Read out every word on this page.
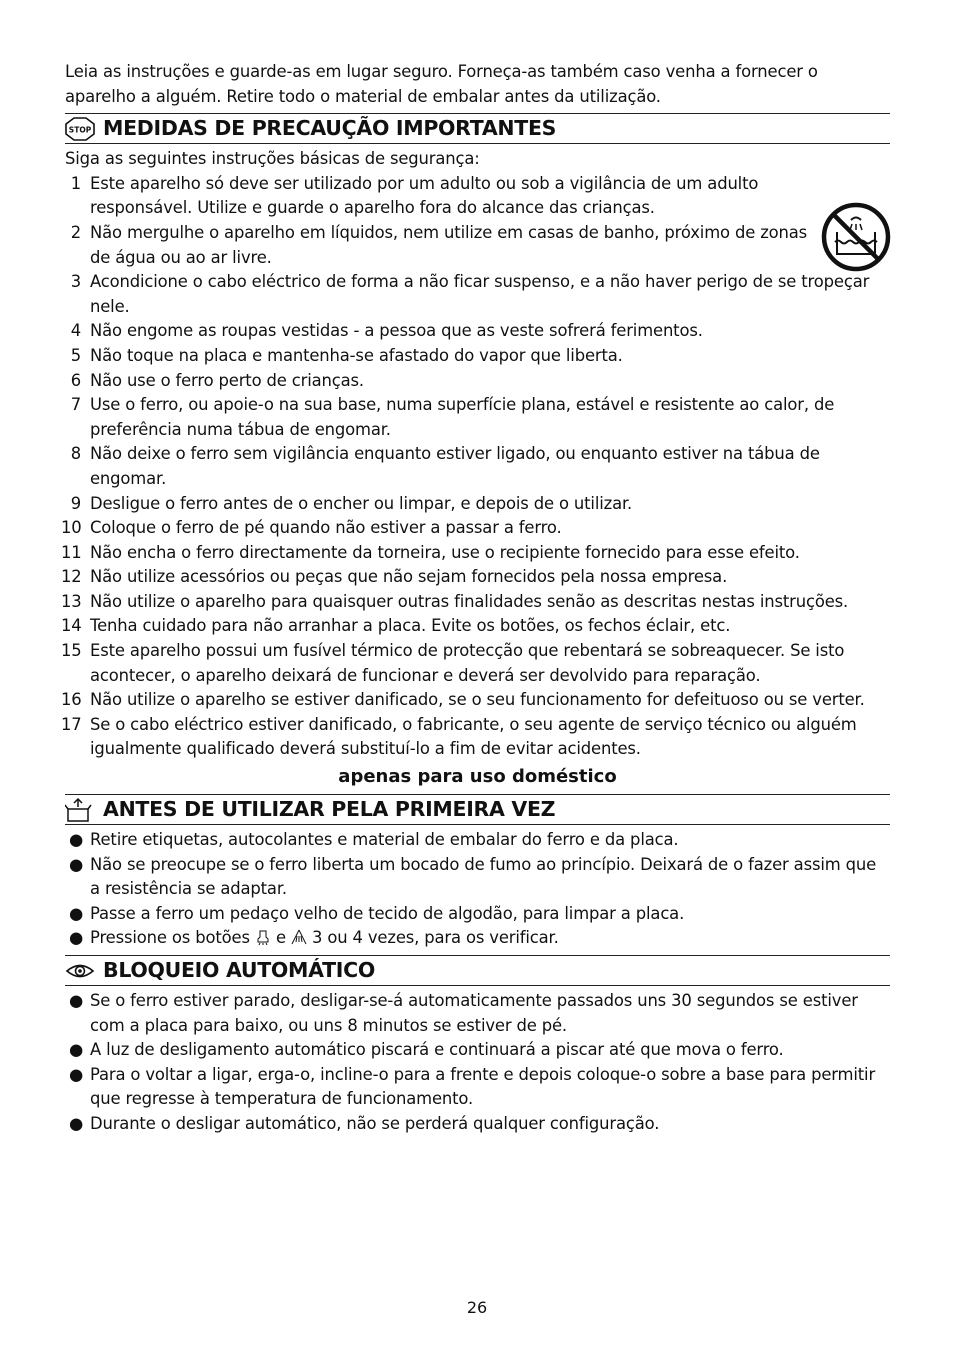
Leia as instruções e guarde-as em lugar seguro. Forneça-as também caso venha a fornecer o aparelho a alguém. Retire todo o material de embalar antes da utilização.

STOP MEDIDAS DE PRECAUÇÃO IMPORTANTES
Siga as seguintes instruções básicas de segurança:
1 Este aparelho só deve ser utilizado por um adulto ou sob a vigilância de um adulto responsável. Utilize e guarde o aparelho fora do alcance das crianças.
2 Não mergulhe o aparelho em líquidos, nem utilize em casas de banho, próximo de zonas de água ou ao ar livre.
3 Acondicione o cabo eléctrico de forma a não ficar suspenso, e a não haver perigo de se tropeçar nele.
4 Não engome as roupas vestidas - a pessoa que as veste sofrerá ferimentos.
5 Não toque na placa e mantenha-se afastado do vapor que liberta.
6 Não use o ferro perto de crianças.
7 Use o ferro, ou apoie-o na sua base, numa superfície plana, estável e resistente ao calor, de preferência numa tábua de engomar.
8 Não deixe o ferro sem vigilância enquanto estiver ligado, ou enquanto estiver na tábua de engomar.
9 Desligue o ferro antes de o encher ou limpar, e depois de o utilizar.
10 Coloque o ferro de pé quando não estiver a passar a ferro.
11 Não encha o ferro directamente da torneira, use o recipiente fornecido para esse efeito.
12 Não utilize acessórios ou peças que não sejam fornecidos pela nossa empresa.
13 Não utilize o aparelho para quaisquer outras finalidades senão as descritas nestas instruções.
14 Tenha cuidado para não arranhar a placa. Evite os botões, os fechos éclair, etc.
15 Este aparelho possui um fusível térmico de protecção que rebentará se sobreaquecer. Se isto acontecer, o aparelho deixará de funcionar e deverá ser devolvido para reparação.
16 Não utilize o aparelho se estiver danificado, se o seu funcionamento for defeituoso ou se verter.
17 Se o cabo eléctrico estiver danificado, o fabricante, o seu agente de serviço técnico ou alguém igualmente qualificado deverá substituí-lo a fim de evitar acidentes.
apenas para uso doméstico
ANTES DE UTILIZAR PELA PRIMEIRA VEZ
● Retire etiquetas, autocolantes e material de embalar do ferro e da placa.
● Não se preocupe se o ferro liberta um bocado de fumo ao princípio. Deixará de o fazer assim que a resistência se adaptar.
● Passe a ferro um pedaço velho de tecido de algodão, para limpar a placa.
● Pressione os botões e 3 ou 4 vezes, para os verificar.
BLOQUEIO AUTOMÁTICO
● Se o ferro estiver parado, desligar-se-á automaticamente passados uns 30 segundos se estiver com a placa para baixo, ou uns 8 minutos se estiver de pé.
● A luz de desligamento automático piscará e continuará a piscar até que mova o ferro.
● Para o voltar a ligar, erga-o, incline-o para a frente e depois coloque-o sobre a base para permitir que regresse à temperatura de funcionamento.
● Durante o desligar automático, não se perderá qualquer configuração.
26
